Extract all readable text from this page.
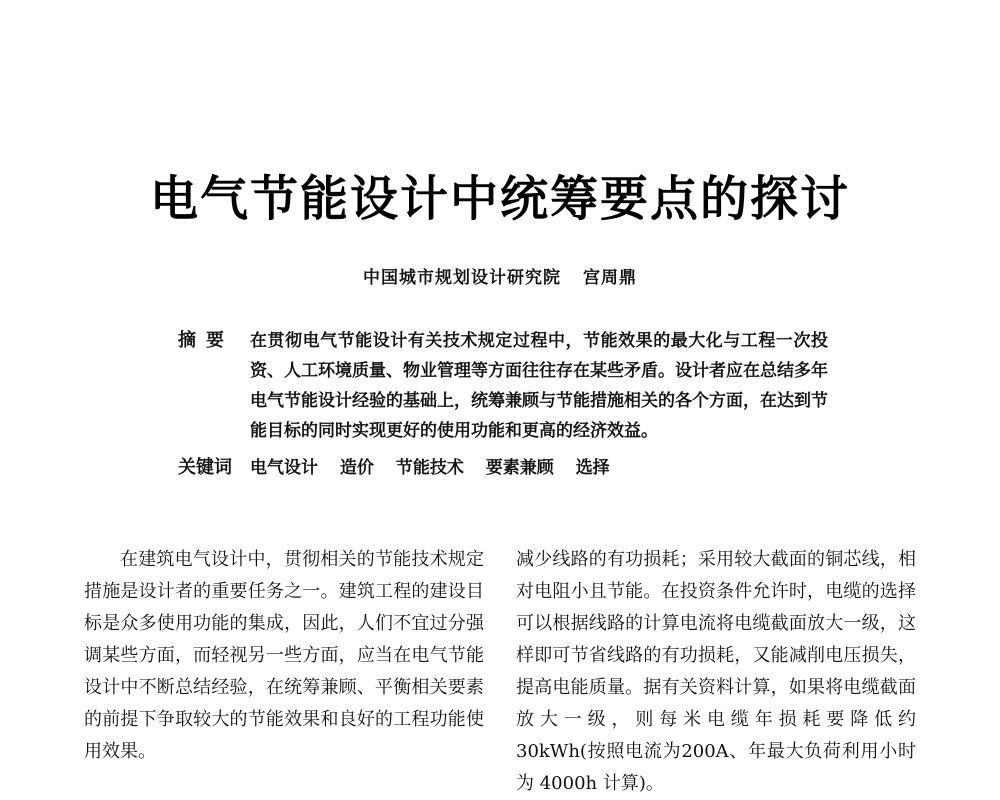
电气节能设计中统筹要点的探讨
中国城市规划设计研究院 宫周鼎
摘要 在贯彻电气节能设计有关技术规定过程中，节能效果的最大化与工程一次投资、人工环境质量、物业管理等方面往往存在某些矛盾。设计者应在总结多年电气节能设计经验的基础上，统筹兼顾与节能措施相关的各个方面，在达到节能目标的同时实现更好的使用功能和更高的经济效益。
关键词 电气设计 造价 节能技术 要素兼顾 选择

在建筑电气设计中，贯彻相关的节能技术规定措施是设计者的重要任务之一。建筑工程的建设目标是众多使用功能的集成，因此，人们不宜过分强调某些方面，而轻视另一些方面，应当在电气节能设计中不断总结经验，在统筹兼顾、平衡相关要素的前提下争取较大的节能效果和良好的工程功能使用效果。

减少线路的有功损耗；采用较大截面的铜芯线，相对电阻小且节能。在投资条件允许时，电缆的选择可以根据线路的计算电流将电缆截面放大一级，这样即可节省线路的有功损耗，又能减削电压损失，提高电能质量。据有关资料计算，如果将电缆截面放大一级，则每米电缆年损耗要降低约 30kWh(按照电流为200A、年最大负荷利用小时为 4000h 计算)。
